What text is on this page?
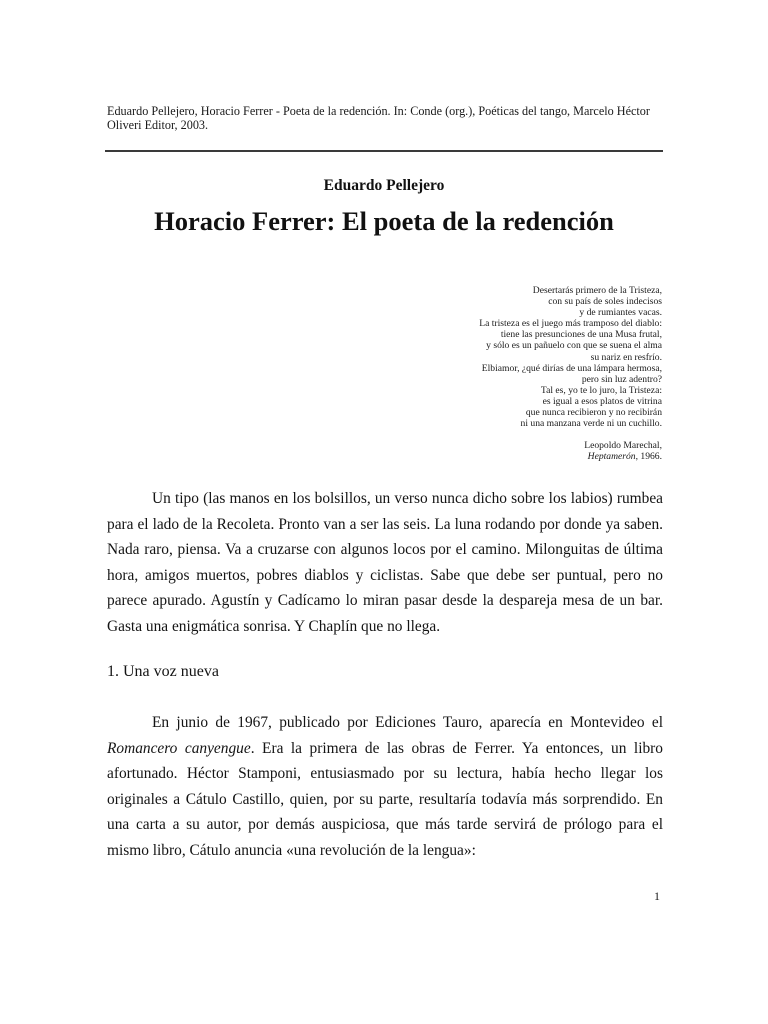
Eduardo Pellejero, Horacio Ferrer - Poeta de la redención. In: Conde (org.), Poéticas del tango, Marcelo Héctor Oliveri Editor, 2003.
Eduardo Pellejero
Horacio Ferrer: El poeta de la redención
Desertarás primero de la Tristeza,
con su país de soles indecisos
y de rumiantes vacas.
La tristeza es el juego más tramposo del diablo:
tiene las presunciones de una Musa frutal,
y sólo es un pañuelo con que se suena el alma
su nariz en resfrío.
Elbiamor, ¿qué dirías de una lámpara hermosa,
pero sin luz adentro?
Tal es, yo te lo juro, la Tristeza:
es igual a esos platos de vitrina
que nunca recibieron y no recibirán
ni una manzana verde ni un cuchillo.
Leopoldo Marechal,
Heptamerón, 1966.

Un tipo (las manos en los bolsillos, un verso nunca dicho sobre los labios) rumbea para el lado de la Recoleta. Pronto van a ser las seis. La luna rodando por donde ya saben. Nada raro, piensa. Va a cruzarse con algunos locos por el camino. Milonguitas de última hora, amigos muertos, pobres diablos y ciclistas. Sabe que debe ser puntual, pero no parece apurado. Agustín y Cadícamo lo miran pasar desde la despareja mesa de un bar. Gasta una enigmática sonrisa. Y Chaplín que no llega.

1. Una voz nueva

En junio de 1967, publicado por Ediciones Tauro, aparecía en Montevideo el Romancero canyengue. Era la primera de las obras de Ferrer. Ya entonces, un libro afortunado. Héctor Stamponi, entusiasmado por su lectura, había hecho llegar los originales a Cátulo Castillo, quien, por su parte, resultaría todavía más sorprendido. En una carta a su autor, por demás auspiciosa, que más tarde servirá de prólogo para el mismo libro, Cátulo anuncia «una revolución de la lengua»:

1
